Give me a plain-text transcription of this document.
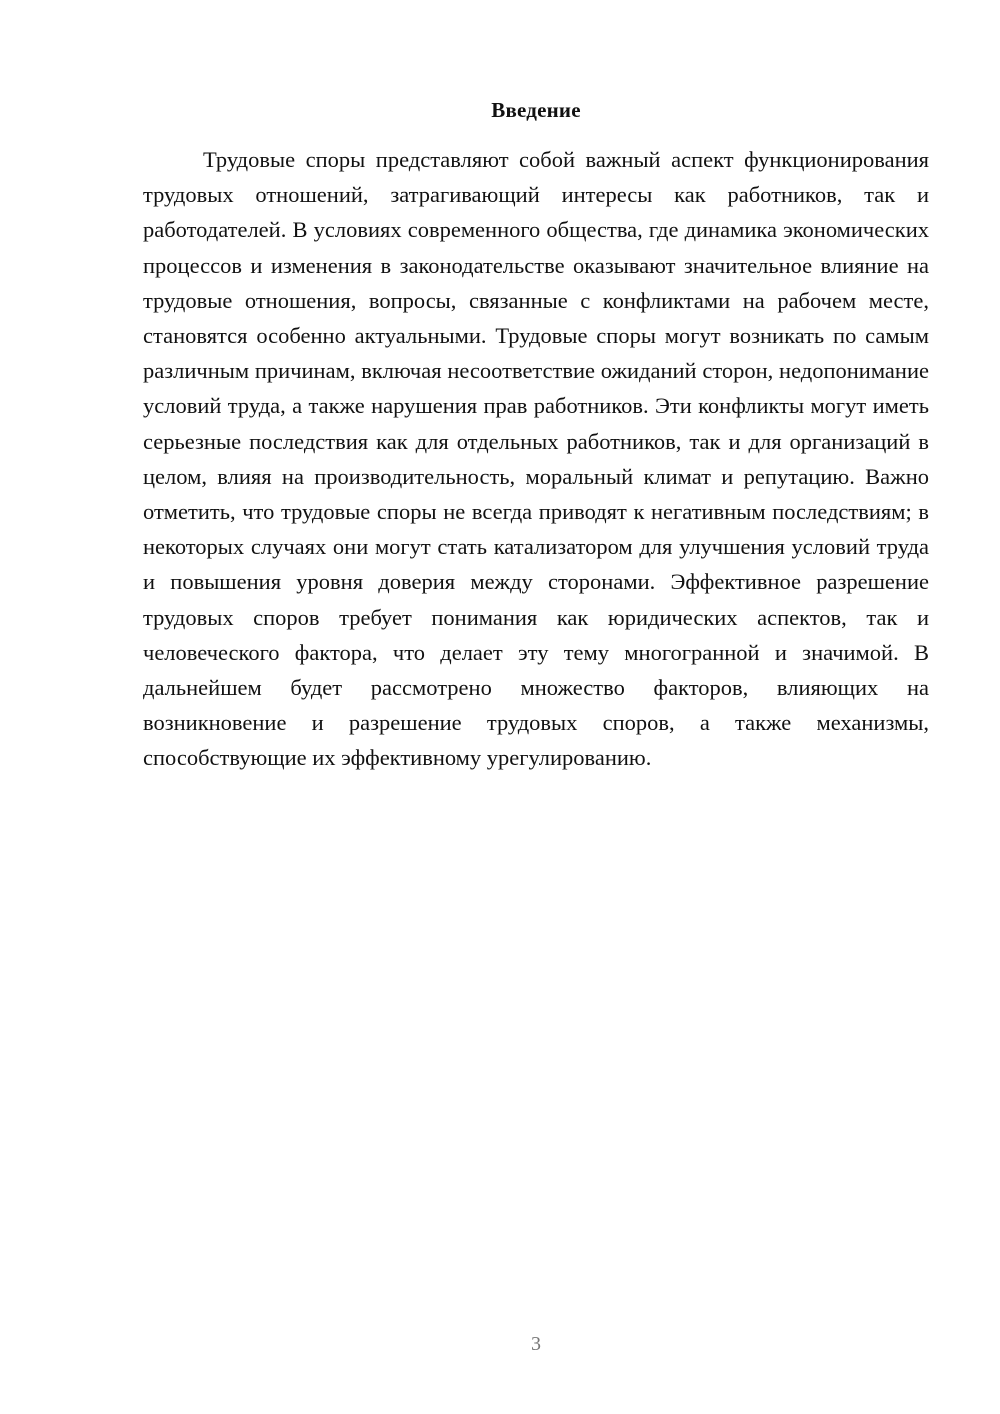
Введение

Трудовые споры представляют собой важный аспект функционирования трудовых отношений, затрагивающий интересы как работников, так и работодателей. В условиях современного общества, где динамика экономических процессов и изменения в законодательстве оказывают значительное влияние на трудовые отношения, вопросы, связанные с конфликтами на рабочем месте, становятся особенно актуальными. Трудовые споры могут возникать по самым различным причинам, включая несоответствие ожиданий сторон, недопонимание условий труда, а также нарушения прав работников. Эти конфликты могут иметь серьезные последствия как для отдельных работников, так и для организаций в целом, влияя на производительность, моральный климат и репутацию. Важно отметить, что трудовые споры не всегда приводят к негативным последствиям; в некоторых случаях они могут стать катализатором для улучшения условий труда и повышения уровня доверия между сторонами. Эффективное разрешение трудовых споров требует понимания как юридических аспектов, так и человеческого фактора, что делает эту тему многогранной и значимой. В дальнейшем будет рассмотрено множество факторов, влияющих на возникновение и разрешение трудовых споров, а также механизмы, способствующие их эффективному урегулированию.

3
